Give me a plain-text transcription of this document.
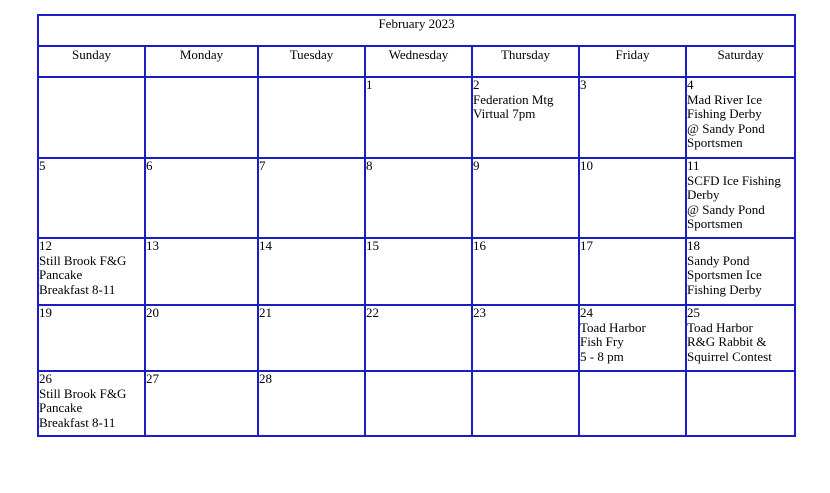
February 2023						
Sunday	Monday	Tuesday	Wednesday	Thursday	Friday	Saturday

			1	2
Federation Mtg
Virtual 7pm	3	4
Mad River Ice
Fishing Derby
@ Sandy Pond
Sportsmen

5	6	7	8	9	10	11
SCFD Ice Fishing
Derby
@ Sandy Pond
Sportsmen

12
Still Brook F&G
Pancake
Breakfast 8-11	13	14	15	16	17	18
Sandy Pond
Sportsmen Ice
Fishing Derby

19	20	21	22	23	24
Toad Harbor
Fish Fry
5 - 8 pm	25
Toad Harbor
R&G Rabbit &
Squirrel Contest

26
Still Brook F&G
Pancake
Breakfast 8-11	27	28				
